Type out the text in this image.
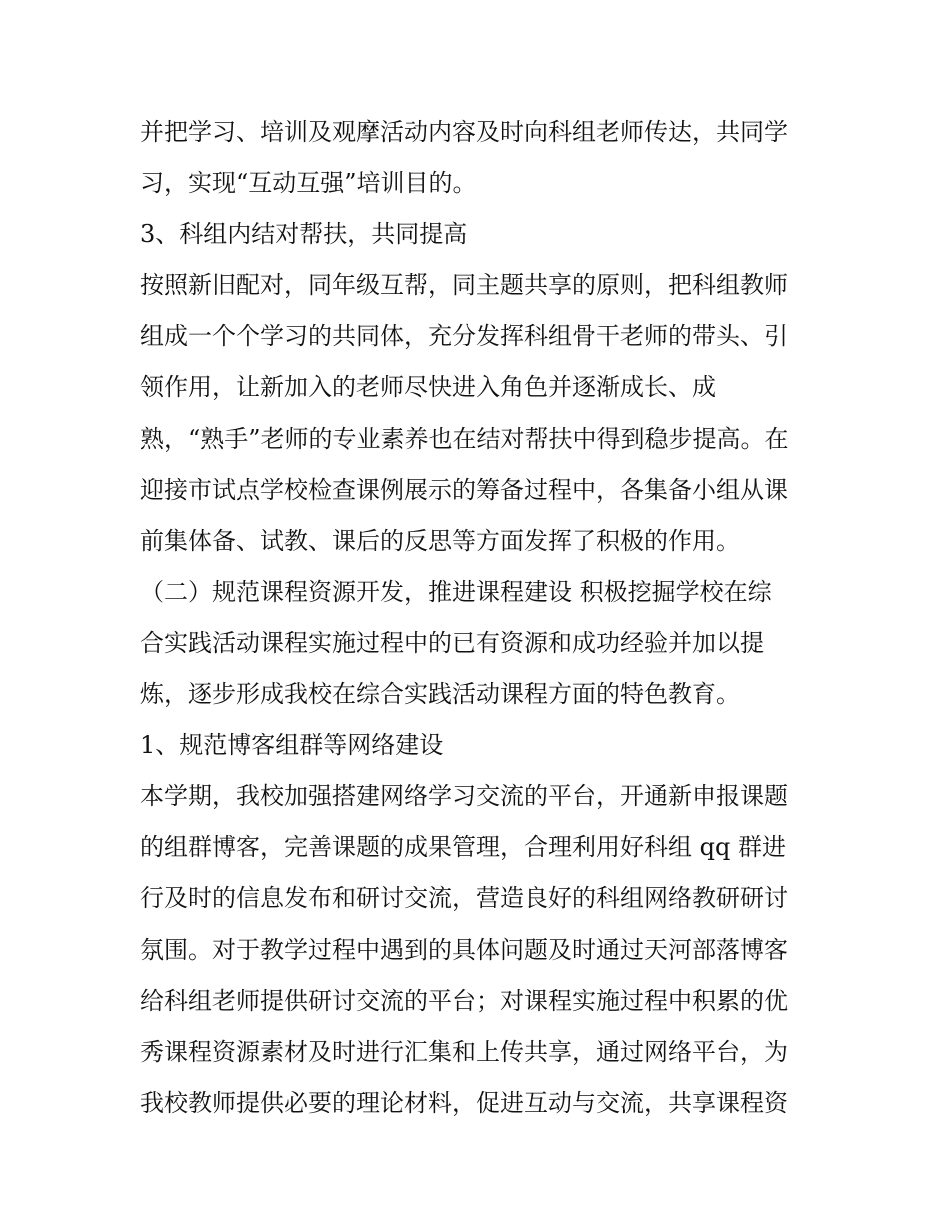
并把学习、培训及观摩活动内容及时向科组老师传达，共同学
习，实现“互动互强”培训目的。
3、科组内结对帮扶，共同提高
按照新旧配对，同年级互帮，同主题共享的原则，把科组教师
组成一个个学习的共同体，充分发挥科组骨干老师的带头、引
领作用，让新加入的老师尽快进入角色并逐渐成长、成
熟，“熟手”老师的专业素养也在结对帮扶中得到稳步提高。在
迎接市试点学校检查课例展示的筹备过程中，各集备小组从课
前集体备、试教、课后的反思等方面发挥了积极的作用。
（二）规范课程资源开发，推进课程建设 积极挖掘学校在综
合实践活动课程实施过程中的已有资源和成功经验并加以提
炼，逐步形成我校在综合实践活动课程方面的特色教育。
1、规范博客组群等网络建设
本学期，我校加强搭建网络学习交流的平台，开通新申报课题
的组群博客，完善课题的成果管理，合理利用好科组 qq 群进
行及时的信息发布和研讨交流，营造良好的科组网络教研研讨
氛围。对于教学过程中遇到的具体问题及时通过天河部落博客
给科组老师提供研讨交流的平台；对课程实施过程中积累的优
秀课程资源素材及时进行汇集和上传共享，通过网络平台，为
我校教师提供必要的理论材料，促进互动与交流，共享课程资
